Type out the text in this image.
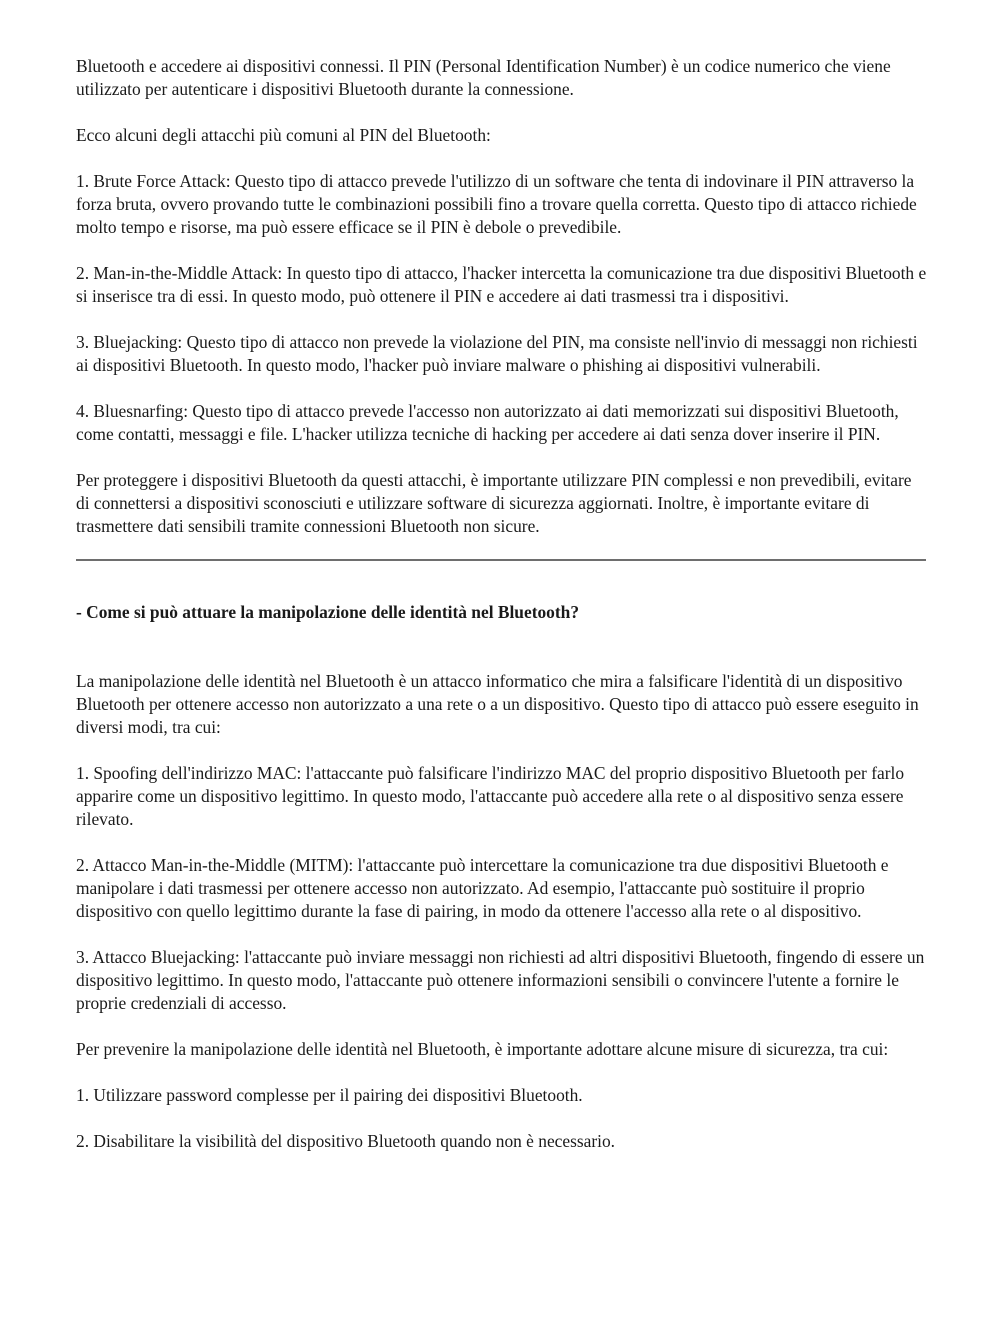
Bluetooth e accedere ai dispositivi connessi. Il PIN (Personal Identification Number) è un codice numerico che viene utilizzato per autenticare i dispositivi Bluetooth durante la connessione.

Ecco alcuni degli attacchi più comuni al PIN del Bluetooth:

1. Brute Force Attack: Questo tipo di attacco prevede l'utilizzo di un software che tenta di indovinare il PIN attraverso la forza bruta, ovvero provando tutte le combinazioni possibili fino a trovare quella corretta. Questo tipo di attacco richiede molto tempo e risorse, ma può essere efficace se il PIN è debole o prevedibile.

2. Man-in-the-Middle Attack: In questo tipo di attacco, l'hacker intercetta la comunicazione tra due dispositivi Bluetooth e si inserisce tra di essi. In questo modo, può ottenere il PIN e accedere ai dati trasmessi tra i dispositivi.

3. Bluejacking: Questo tipo di attacco non prevede la violazione del PIN, ma consiste nell'invio di messaggi non richiesti ai dispositivi Bluetooth. In questo modo, l'hacker può inviare malware o phishing ai dispositivi vulnerabili.

4. Bluesnarfing: Questo tipo di attacco prevede l'accesso non autorizzato ai dati memorizzati sui dispositivi Bluetooth, come contatti, messaggi e file. L'hacker utilizza tecniche di hacking per accedere ai dati senza dover inserire il PIN.

Per proteggere i dispositivi Bluetooth da questi attacchi, è importante utilizzare PIN complessi e non prevedibili, evitare di connettersi a dispositivi sconosciuti e utilizzare software di sicurezza aggiornati. Inoltre, è importante evitare di trasmettere dati sensibili tramite connessioni Bluetooth non sicure.

- Come si può attuare la manipolazione delle identità nel Bluetooth?

La manipolazione delle identità nel Bluetooth è un attacco informatico che mira a falsificare l'identità di un dispositivo Bluetooth per ottenere accesso non autorizzato a una rete o a un dispositivo. Questo tipo di attacco può essere eseguito in diversi modi, tra cui:

1. Spoofing dell'indirizzo MAC: l'attaccante può falsificare l'indirizzo MAC del proprio dispositivo Bluetooth per farlo apparire come un dispositivo legittimo. In questo modo, l'attaccante può accedere alla rete o al dispositivo senza essere rilevato.

2. Attacco Man-in-the-Middle (MITM): l'attaccante può intercettare la comunicazione tra due dispositivi Bluetooth e manipolare i dati trasmessi per ottenere accesso non autorizzato. Ad esempio, l'attaccante può sostituire il proprio dispositivo con quello legittimo durante la fase di pairing, in modo da ottenere l'accesso alla rete o al dispositivo.

3. Attacco Bluejacking: l'attaccante può inviare messaggi non richiesti ad altri dispositivi Bluetooth, fingendo di essere un dispositivo legittimo. In questo modo, l'attaccante può ottenere informazioni sensibili o convincere l'utente a fornire le proprie credenziali di accesso.

Per prevenire la manipolazione delle identità nel Bluetooth, è importante adottare alcune misure di sicurezza, tra cui:

1. Utilizzare password complesse per il pairing dei dispositivi Bluetooth.

2. Disabilitare la visibilità del dispositivo Bluetooth quando non è necessario.
